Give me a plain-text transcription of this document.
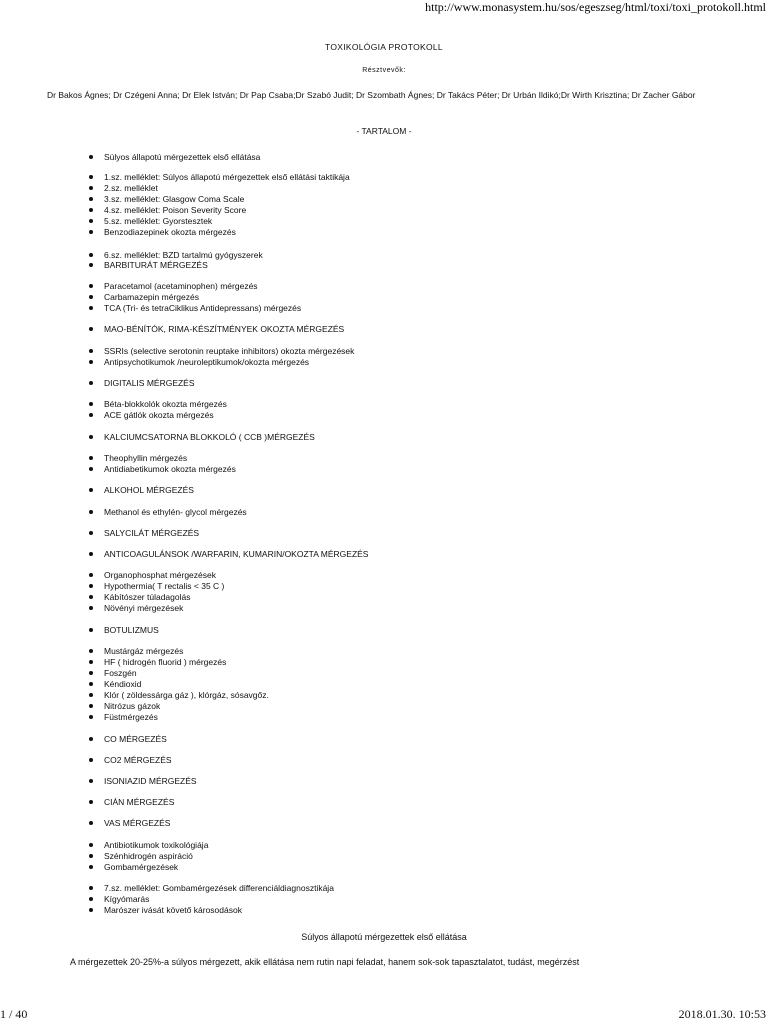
http://www.monasystem.hu/sos/egeszseg/html/toxi/toxi_protokoll.html
TOXIKOLÓGIA PROTOKOLL
Résztvevők:
Dr Bakos Ágnes; Dr Czégeni Anna; Dr Elek István; Dr Pap Csaba;Dr Szabó Judit; Dr Szombath Ágnes; Dr Takács Péter; Dr Urbán Ildikó;Dr Wirth Krisztina; Dr Zacher Gábor
- TARTALOM -
Súlyos állapotú mérgezettek első ellátása
1.sz. melléklet: Súlyos állapotú mérgezettek első ellátási taktikája
2.sz. melléklet
3.sz. melléklet: Glasgow Coma Scale
4.sz. melléklet: Poison Severity Score
5.sz. melléklet: Gyorstesztek
Benzodiazepinek okozta mérgezés
6.sz. melléklet: BZD tartalmú gyógyszerek
BARBITURÁT MÉRGEZÉS
Paracetamol (acetaminophen) mérgezés
Carbamazepin mérgezés
TCA (Tri- és tetraCiklikus Antidepressans) mérgezés
MAO-BÉNÍTÓK, RIMA-KÉSZÍTMÉNYEK OKOZTA MÉRGEZÉS
SSRIs (selective serotonin reuptake inhibitors) okozta mérgezések
Antipsychotikumok /neuroleptikumok/okozta mérgezés
DIGITALIS MÉRGEZÉS
Béta-blokkolók okozta mérgezés
ACE gátlók okozta mérgezés
KALCIUMCSATORNA BLOKKOLÓ ( CCB )MÉRGEZÉS
Theophyllin mérgezés
Antidiabetikumok okozta mérgezés
ALKOHOL MÉRGEZÉS
Methanol és ethylén- glycol mérgezés
SALYCILÁT MÉRGEZÉS
ANTICOAGULÁNSOK /WARFARIN, KUMARIN/OKOZTA MÉRGEZÉS
Organophosphat mérgezések
Hypothermia( T rectalis < 35 C )
Kábítószer túladagolás
Növényi mérgezések
BOTULIZMUS
Mustárgáz mérgezés
HF ( hidrogén fluorid ) mérgezés
Foszgén
Kéndioxid
Klór ( zöldessárga gáz ), klórgáz, sósavgőz.
Nitrózus gázok
Füstmérgezés
CO MÉRGEZÉS
CO2 MÉRGEZÉS
ISONIAZID MÉRGEZÉS
CIÁN MÉRGEZÉS
VAS MÉRGEZÉS
Antibiotikumok toxikológiája
Szénhidrogén aspiráció
Gombamérgezések
7.sz. melléklet: Gombamérgezések differenciáldiagnosztikája
Kígyómarás
Marószer ivását követő károsodások
Súlyos állapotú mérgezettek első ellátása
A mérgezettek 20-25%-a súlyos mérgezett, akik ellátása nem rutin napi feladat, hanem sok-sok tapasztalatot, tudást, megérzést
1 / 40	2018.01.30. 10:53
